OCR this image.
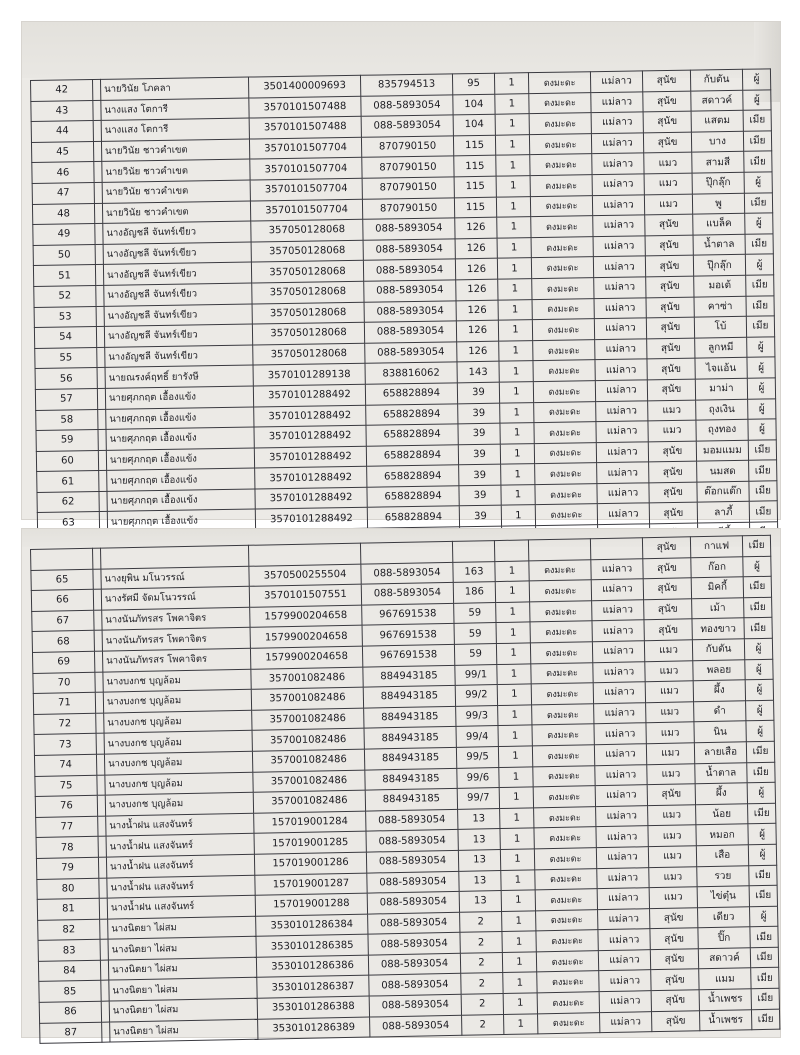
42		นายวินัย โภคลา	3501400009693	835794513	95	1	ดงมะดะ	แม่ลาว	สุนัข	กับตัน	ผู้
43		นางแสง โตการี	3570101507488	088-5893054	104	1	ดงมะดะ	แม่ลาว	สุนัข	สดาวค์	ผู้
44		นางแสง โตการี	3570101507488	088-5893054	104	1	ดงมะดะ	แม่ลาว	สุนัข	แสตม	เมีย
45		นายวินัย ชาวคำเขต	3570101507704	870790150	115	1	ดงมะดะ	แม่ลาว	สุนัข	บาง	เมีย
46		นายวินัย ชาวคำเขต	3570101507704	870790150	115	1	ดงมะดะ	แม่ลาว	แมว	สามสี	เมีย
47		นายวินัย ชาวคำเขต	3570101507704	870790150	115	1	ดงมะดะ	แม่ลาว	แมว	ปุ๊กลุ๊ก	ผู้
48		นายวินัย ชาวคำเขต	3570101507704	870790150	115	1	ดงมะดะ	แม่ลาว	แมว	พู	เมีย
49		นางอัญชลี จันทร์เขียว	357050128068	088-5893054	126	1	ดงมะดะ	แม่ลาว	สุนัข	แบล็ค	ผู้
50		นางอัญชลี จันทร์เขียว	357050128068	088-5893054	126	1	ดงมะดะ	แม่ลาว	สุนัข	น้ำตาล	เมีย
51		นางอัญชลี จันทร์เขียว	357050128068	088-5893054	126	1	ดงมะดะ	แม่ลาว	สุนัข	ปุ๊กลุ๊ก	ผู้
52		นางอัญชลี จันทร์เขียว	357050128068	088-5893054	126	1	ดงมะดะ	แม่ลาว	สุนัข	มอเต้	เมีย
53		นางอัญชลี จันทร์เขียว	357050128068	088-5893054	126	1	ดงมะดะ	แม่ลาว	สุนัข	คาซ่า	เมีย
54		นางอัญชลี จันทร์เขียว	357050128068	088-5893054	126	1	ดงมะดะ	แม่ลาว	สุนัข	โบ้	เมีย
55		นางอัญชลี จันทร์เขียว	357050128068	088-5893054	126	1	ดงมะดะ	แม่ลาว	สุนัข	ลูกหมี	ผู้
56		นายณรงค์ฤทธิ์ ยารังษี	3570101289138	838816062	143	1	ดงมะดะ	แม่ลาว	สุนัข	ไจแอ้น	ผู้
57		นายศุภกฤต เอื้องแข้ง	3570101288492	658828894	39	1	ดงมะดะ	แม่ลาว	สุนัข	มาม่า	ผู้
58		นายศุภกฤต เอื้องแข้ง	3570101288492	658828894	39	1	ดงมะดะ	แม่ลาว	แมว	ถุงเงิน	ผู้
59		นายศุภกฤต เอื้องแข้ง	3570101288492	658828894	39	1	ดงมะดะ	แม่ลาว	แมว	ถุงทอง	ผู้
60		นายศุภกฤต เอื้องแข้ง	3570101288492	658828894	39	1	ดงมะดะ	แม่ลาว	สุนัข	มอมแมม	เมีย
61		นายศุภกฤต เอื้องแข้ง	3570101288492	658828894	39	1	ดงมะดะ	แม่ลาว	สุนัข	นมสด	เมีย
62		นายศุภกฤต เอื้องแข้ง	3570101288492	658828894	39	1	ดงมะดะ	แม่ลาว	สุนัข	ต๊อกแต๊ก	เมีย
63		นายศุภกฤต เอื้องแข้ง	3570101288492	658828894	39	1	ดงมะดะ	แม่ลาว	สุนัข	ลาภี้	เมีย

									สุนัข	กาแฟ	เมีย
65		นางยุพิน มโนวรรณ์	3570500255504	088-5893054	163	1	ดงมะดะ	แม่ลาว	สุนัข	ก๊อก	ผู้
66		นางรัศมี จัดมโนวรรณ์	3570101507551	088-5893054	186	1	ดงมะดะ	แม่ลาว	สุนัข	มิคกี้	เมีย
67		นางนันภัทรสร โพคาจิตร	1579900204658	967691538	59	1	ดงมะดะ	แม่ลาว	สุนัข	เม้า	เมีย
68		นางนันภัทรสร โพคาจิตร	1579900204658	967691538	59	1	ดงมะดะ	แม่ลาว	สุนัข	ทองขาว	เมีย
69		นางนันภัทรสร โพคาจิตร	1579900204658	967691538	59	1	ดงมะดะ	แม่ลาว	แมว	กับตัน	ผู้
70		นางบงกช บุญล้อม	357001082486	884943185	99/1	1	ดงมะดะ	แม่ลาว	แมว	พลอย	ผู้
71		นางบงกช บุญล้อม	357001082486	884943185	99/2	1	ดงมะดะ	แม่ลาว	แมว	ผึ้ง	ผู้
72		นางบงกช บุญล้อม	357001082486	884943185	99/3	1	ดงมะดะ	แม่ลาว	แมว	ดำ	ผู้
73		นางบงกช บุญล้อม	357001082486	884943185	99/4	1	ดงมะดะ	แม่ลาว	แมว	นิน	ผู้
74		นางบงกช บุญล้อม	357001082486	884943185	99/5	1	ดงมะดะ	แม่ลาว	แมว	ลายเสือ	เมีย
75		นางบงกช บุญล้อม	357001082486	884943185	99/6	1	ดงมะดะ	แม่ลาว	แมว	น้ำตาล	เมีย
76		นางบงกช บุญล้อม	357001082486	884943185	99/7	1	ดงมะดะ	แม่ลาว	สุนัข	ผึ้ง	ผู้
77		นางน้ำฝน แสงจันทร์	157019001284	088-5893054	13	1	ดงมะดะ	แม่ลาว	แมว	น้อย	เมีย
78		นางน้ำฝน แสงจันทร์	157019001285	088-5893054	13	1	ดงมะดะ	แม่ลาว	แมว	หมอก	ผู้
79		นางน้ำฝน แสงจันทร์	157019001286	088-5893054	13	1	ดงมะดะ	แม่ลาว	แมว	เสือ	ผู้
80		นางน้ำฝน แสงจันทร์	157019001287	088-5893054	13	1	ดงมะดะ	แม่ลาว	แมว	รวย	เมีย
81		นางน้ำฝน แสงจันทร์	157019001288	088-5893054	13	1	ดงมะดะ	แม่ลาว	แมว	ไข่ตุ๋น	เมีย
82		นางนิตยา ไผ่สม	3530101286384	088-5893054	2	1	ดงมะดะ	แม่ลาว	สุนัข	เดียว	ผู้
83		นางนิตยา ไผ่สม	3530101286385	088-5893054	2	1	ดงมะดะ	แม่ลาว	สุนัข	ปิ๊ก	เมีย
84		นางนิตยา ไผ่สม	3530101286386	088-5893054	2	1	ดงมะดะ	แม่ลาว	สุนัข	สดาวค์	เมีย
85		นางนิตยา ไผ่สม	3530101286387	088-5893054	2	1	ดงมะดะ	แม่ลาว	สุนัข	แมม	เมีย
86		นางนิตยา ไผ่สม	3530101286388	088-5893054	2	1	ดงมะดะ	แม่ลาว	สุนัข	น้ำเพชร	เมีย
87		นางนิตยา ไผ่สม	3530101286389	088-5893054	2	1	ดงมะดะ	แม่ลาว	สุนัข	น้ำเพชร	เมีย
